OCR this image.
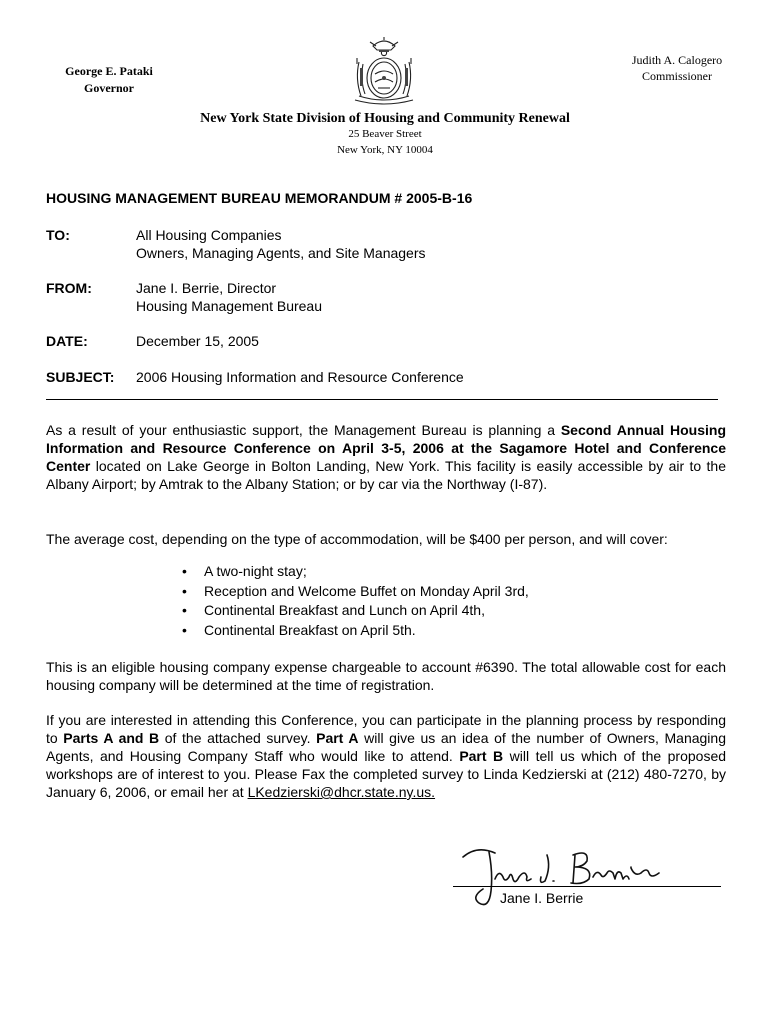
George E. Pataki
Governor
Judith A. Calogero
Commissioner
New York State Division of Housing and Community Renewal
25 Beaver Street
New York, NY 10004
HOUSING MANAGEMENT BUREAU MEMORANDUM # 2005-B-16
TO:	All Housing Companies
Owners, Managing Agents, and Site Managers
FROM:	Jane I. Berrie, Director
Housing Management Bureau
DATE:	December 15, 2005
SUBJECT: 2006 Housing Information and Resource Conference
As a result of your enthusiastic support, the Management Bureau is planning a Second Annual Housing Information and Resource Conference on April 3-5, 2006 at the Sagamore Hotel and Conference Center located on Lake George in Bolton Landing, New York. This facility is easily accessible by air to the Albany Airport; by Amtrak to the Albany Station; or by car via the Northway (I-87).
The average cost, depending on the type of accommodation, will be $400 per person, and will cover:
• A two-night stay;
• Reception and Welcome Buffet on Monday April 3rd,
• Continental Breakfast and Lunch on April 4th,
• Continental Breakfast on April 5th.
This is an eligible housing company expense chargeable to account #6390. The total allowable cost for each housing company will be determined at the time of registration.
If you are interested in attending this Conference, you can participate in the planning process by responding to Parts A and B of the attached survey. Part A will give us an idea of the number of Owners, Managing Agents, and Housing Company Staff who would like to attend. Part B will tell us which of the proposed workshops are of interest to you. Please Fax the completed survey to Linda Kedzierski at (212) 480-7270, by January 6, 2006, or email her at LKedzierski@dhcr.state.ny.us.
Jane I. Berrie
